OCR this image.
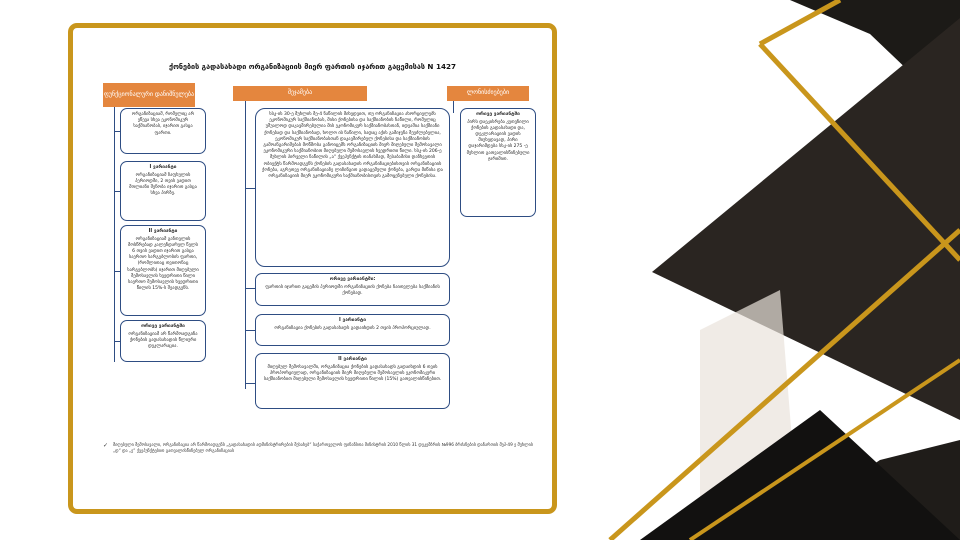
ქონების გადასახადი ორგანიზაციის მიერ ფართის იჯარით გაცემისას N 1427
ფუნქციონალური დანიშნულება	შეჯამება	ლონისძიებები
ორგანიზაციამ, რომელიც არ ეწევა სხვა ეკონომიკურ საქმიანობას, იჯარით გასცა ფართი.
I ვარიანტი
ორგანიზაციამ ზაფხულის პერიოდში, 2 თვის ვადით მთლიანი შენობა იჯარით გასცა სხვა პირზე.
II ვარიანტი
ორგანიზაციამ განთვლის მოსწრებად კალენდარულ წელს 6 თვის ვადით იჯარით გასცა საერთო სარგებლობის ფართი, (რომლითაც თვითონაც სარგებლობს) იჯარით მიღებული შემოსავლის ხვედრითი წილი საერთო შემოსავლის ხვედრითი წილის 15%-ს შეადგენს.
ორივე ვარიანტში
ორგანიზაციამ არ წარმოადგინა ქონების გადასახადის წლიური დეკლარაცია.
სსკ-ის 30-ე მუხლის მე-4 ნაწილის მიხედვით, თუ ორგანიზაცია ახორციელებს ეკონომიკურ საქმიანობას, მისი ქონებისა და საქმიანობის ნაწილი, რომელიც უშუალოდ დაკავშირებულია მის ეკონომიკურ საქმიანობასთან, იდეაშია საქმიანი ქონებად და საქმიანობად, ხოლო ის ნაწილი, სადაც აქის გამიჯვნა შეუძლებელია, ეკონომიკურ საქმიანობასთან დაკავშირებულ ქონებისა და საქმიანობის გამოანგარიშებას მოწმობა განოიცემს ორგანიზაციის მიერ მიღებული შემოსავალი ეკონომიკური საქმიანობით მიღებული შემოსავლის ხვედრითი წილი. სსკ-ის 206-ე მუხლის პირველი ნაწილის „ა“ ქვეპუნქტის თანახმად, შესაბამისი დანხვეთის ობიექტს წარმოადგენს ქონების გადასახადის ორგანიზაციებისთვის ორგანიზაციის ქონება, აგრეთვე ორგანიზაციაზე ლიზინგით გადაცემული ქონება, გარდა მიწისა და ორგანიზაციის მიერ ეკონომიკური საქმიანობისთვის გამოყენებული ქონებისა.
ორივე ვარიანტში:
ფართის იჯარით გაცემის პერიოდში ორგანიზაციის ქონება ჩაითვლება საქმიანის ქონებად.
I ვარიანტი
ორგანიზაცია ქონების გადასახადს გადაიხდის 2 თვის პროპორციულად.
II ვარიანტი
მიღებულ შემოსავალში, ორგანიზაცია ქონების გადასახადს გადაიხდის 6 თვის პროპორციულად, ორგანიზაციის მიერ მიღებული შემოსავლის ეკონომიკური საქმიანობით მიღებული შემოსავლის ხვედრითი წილის (15%) გათვალისწინებით.
ორივე ვარიანტში
პირს დაეკისრება კუთვნილი ქონების გადასახადი და, დეკლარაციის ვადის მიუხედავად, პირი დაჯარიმდება სსკ-ის 275 -ე მუხლით გათვალისწინებული ჯარიმით.
✓ მიღებული შემოსავალი, ორგანიზაცია არ წარმოადგენს „გადასახადის ადმინისტრირების შესახებ“ საქართველოს ფინანსთა მინისტრის 2010 წლის 31 დეკემბრის №996 ბრძანების დანართის მეჰ-49 ე მუხლის „დ“ და „ე“ ქვეპუნქტებით გათვალისწინებულ ორგანიზაციას
